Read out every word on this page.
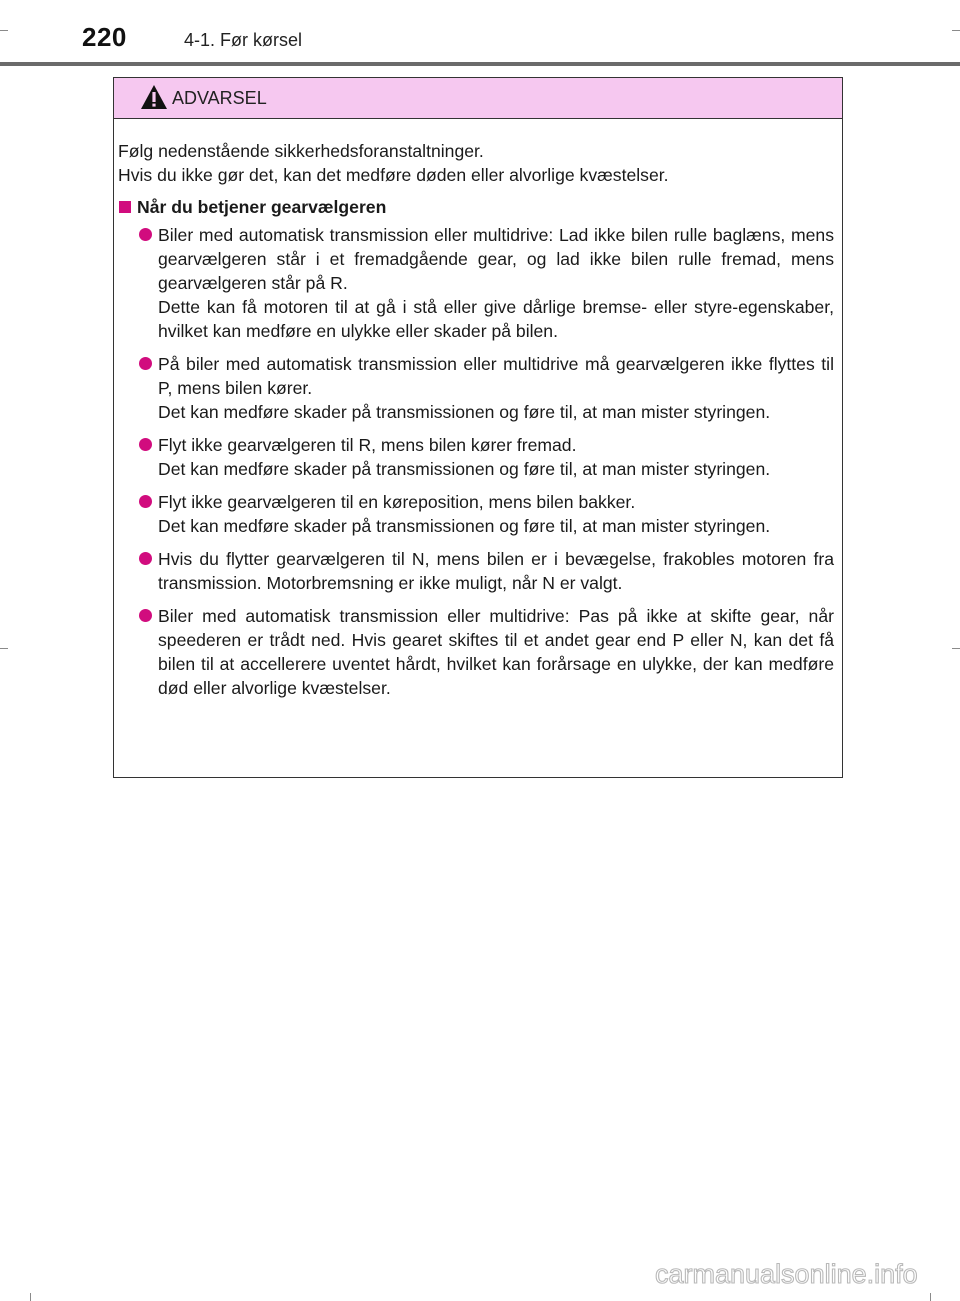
220	4-1. Før kørsel
ADVARSEL

Følg nedenstående sikkerhedsforanstaltninger.

Hvis du ikke gør det, kan det medføre døden eller alvorlige kvæstelser.

Når du betjener gearvælgeren

Biler med automatisk transmission eller multidrive: Lad ikke bilen rulle baglæns, mens gearvælgeren står i et fremadgående gear, og lad ikke bilen rulle fremad, mens gearvælgeren står på R.

Dette kan få motoren til at gå i stå eller give dårlige bremse- eller styre-egenskaber, hvilket kan medføre en ulykke eller skader på bilen.

På biler med automatisk transmission eller multidrive må gearvælgeren ikke flyttes til P, mens bilen kører.

Det kan medføre skader på transmissionen og føre til, at man mister styringen.

Flyt ikke gearvælgeren til R, mens bilen kører fremad.

Det kan medføre skader på transmissionen og føre til, at man mister styringen.

Flyt ikke gearvælgeren til en køreposition, mens bilen bakker.

Det kan medføre skader på transmissionen og føre til, at man mister styringen.

Hvis du flytter gearvælgeren til N, mens bilen er i bevægelse, frakobles motoren fra transmission. Motorbremsning er ikke muligt, når N er valgt.

Biler med automatisk transmission eller multidrive: Pas på ikke at skifte gear, når speederen er trådt ned. Hvis gearet skiftes til et andet gear end P eller N, kan det få bilen til at accellerere uventet hårdt, hvilket kan forårsage en ulykke, der kan medføre død eller alvorlige kvæstelser.

carmanualsonline.info
